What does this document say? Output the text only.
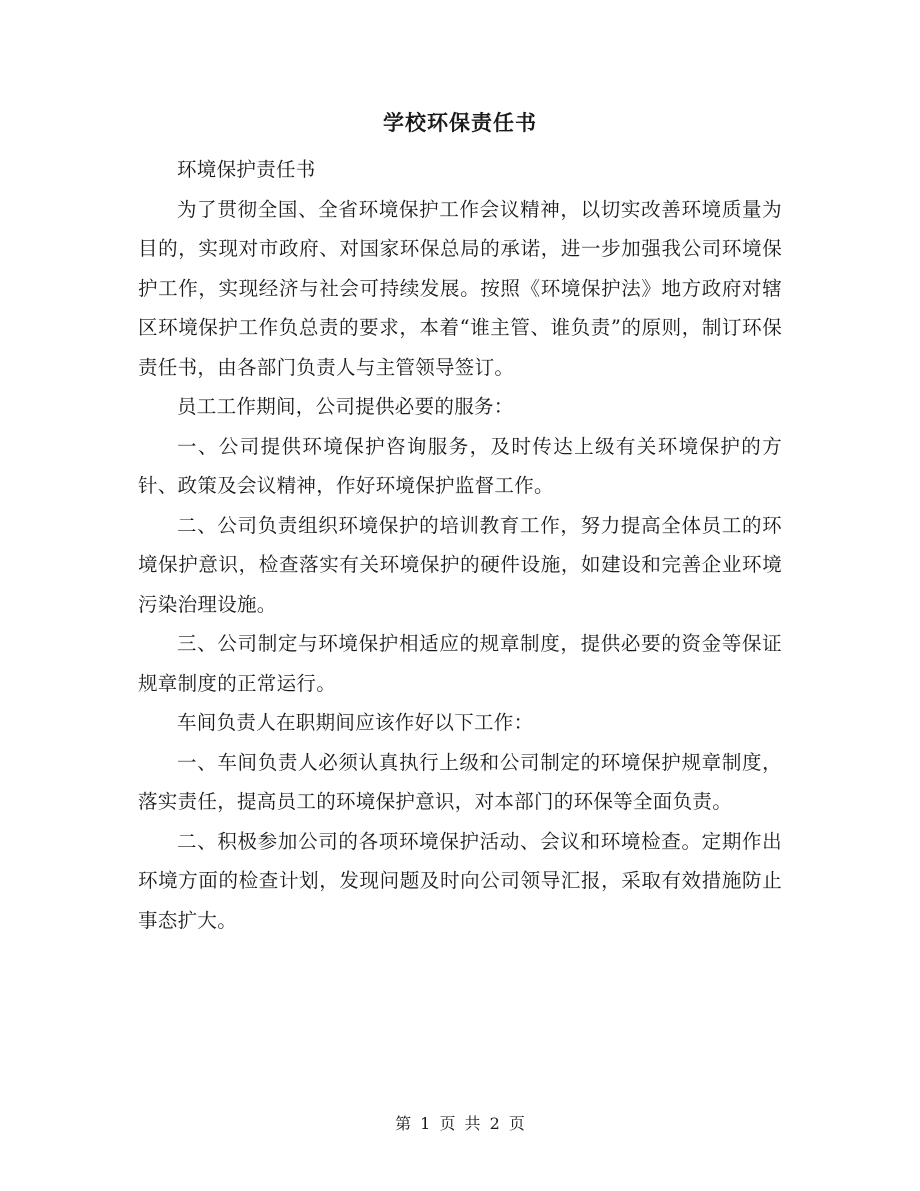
学校环保责任书

环境保护责任书

为了贯彻全国、全省环境保护工作会议精神，以切实改善环境质量为目的，实现对市政府、对国家环保总局的承诺，进一步加强我公司环境保护工作，实现经济与社会可持续发展。按照《环境保护法》地方政府对辖区环境保护工作负总责的要求，本着“谁主管、谁负责”的原则，制订环保责任书，由各部门负责人与主管领导签订。

员工工作期间，公司提供必要的服务：

一、公司提供环境保护咨询服务，及时传达上级有关环境保护的方针、政策及会议精神，作好环境保护监督工作。

二、公司负责组织环境保护的培训教育工作，努力提高全体员工的环境保护意识，检查落实有关环境保护的硬件设施，如建设和完善企业环境污染治理设施。

三、公司制定与环境保护相适应的规章制度，提供必要的资金等保证规章制度的正常运行。

车间负责人在职期间应该作好以下工作：

一、车间负责人必须认真执行上级和公司制定的环境保护规章制度，落实责任，提高员工的环境保护意识，对本部门的环保等全面负责。

二、积极参加公司的各项环境保护活动、会议和环境检查。定期作出环境方面的检查计划，发现问题及时向公司领导汇报，采取有效措施防止事态扩大。

第 1 页 共 2 页
